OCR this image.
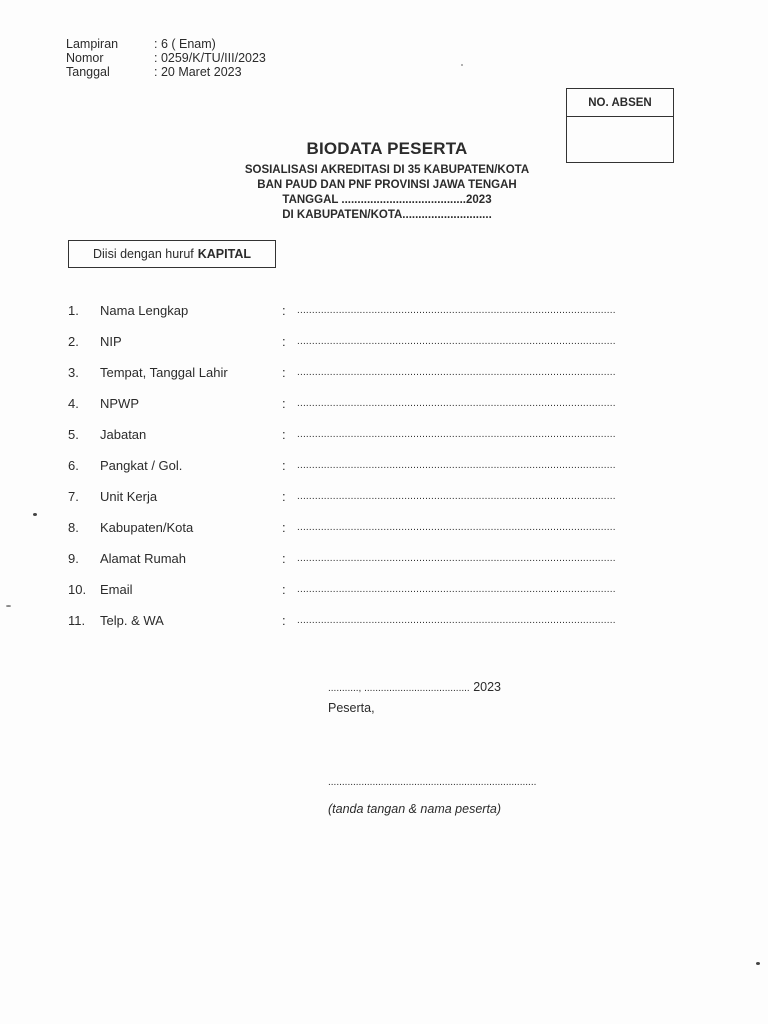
Lampiran	: 6 ( Enam)
Nomor	: 0259/K/TU/III/2023
Tanggal	: 20 Maret 2023
NO. ABSEN
BIODATA PESERTA
SOSIALISASI AKREDITASI DI 35 KABUPATEN/KOTA
BAN PAUD DAN PNF PROVINSI JAWA TENGAH
TANGGAL .......................................2023
DI KABUPATEN/KOTA............................
Diisi dengan huruf KAPITAL
1. Nama Lengkap	: ...........................................................................................................
2. NIP	: ...........................................................................................................
3. Tempat, Tanggal Lahir	: ...........................................................................................................
4. NPWP	: ...........................................................................................................
5. Jabatan	: ...........................................................................................................
6. Pangkat / Gol.	: ...........................................................................................................
7. Unit Kerja	: ...........................................................................................................
8. Kabupaten/Kota	: ...........................................................................................................
9. Alamat Rumah	: ...........................................................................................................
10. Email	: ...........................................................................................................
11. Telp. & WA	: ...........................................................................................................
..........., ...................................... 2023
Peserta,
...........................................................................
(tanda tangan & nama peserta)
